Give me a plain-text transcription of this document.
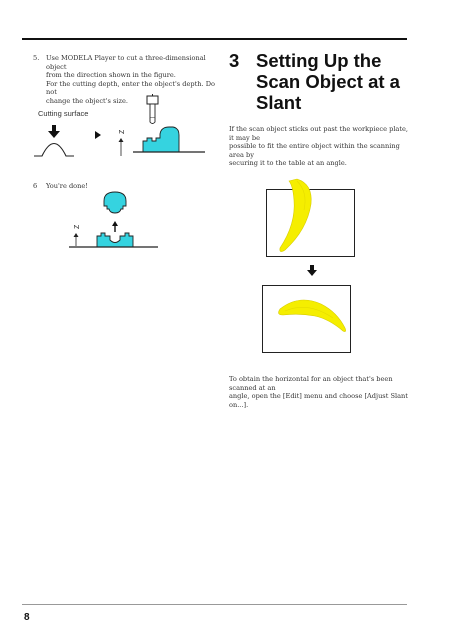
5. Use MODELA Player to cut a three-dimensional object
from the direction shown in the figure.
For the cutting depth, enter the object's depth. Do not
change the object's size.
Cutting surface
Z
6 You're done!
Z
3 Setting Up the
Scan Object at a
Slant
If the scan object sticks out past the workpiece plate, it may be
possible to fit the entire object within the scanning area by
securing it to the table at an angle.
To obtain the horizontal for an object that's been scanned at an
angle, open the [Edit] menu and choose [Adjust Slant on...].
8
